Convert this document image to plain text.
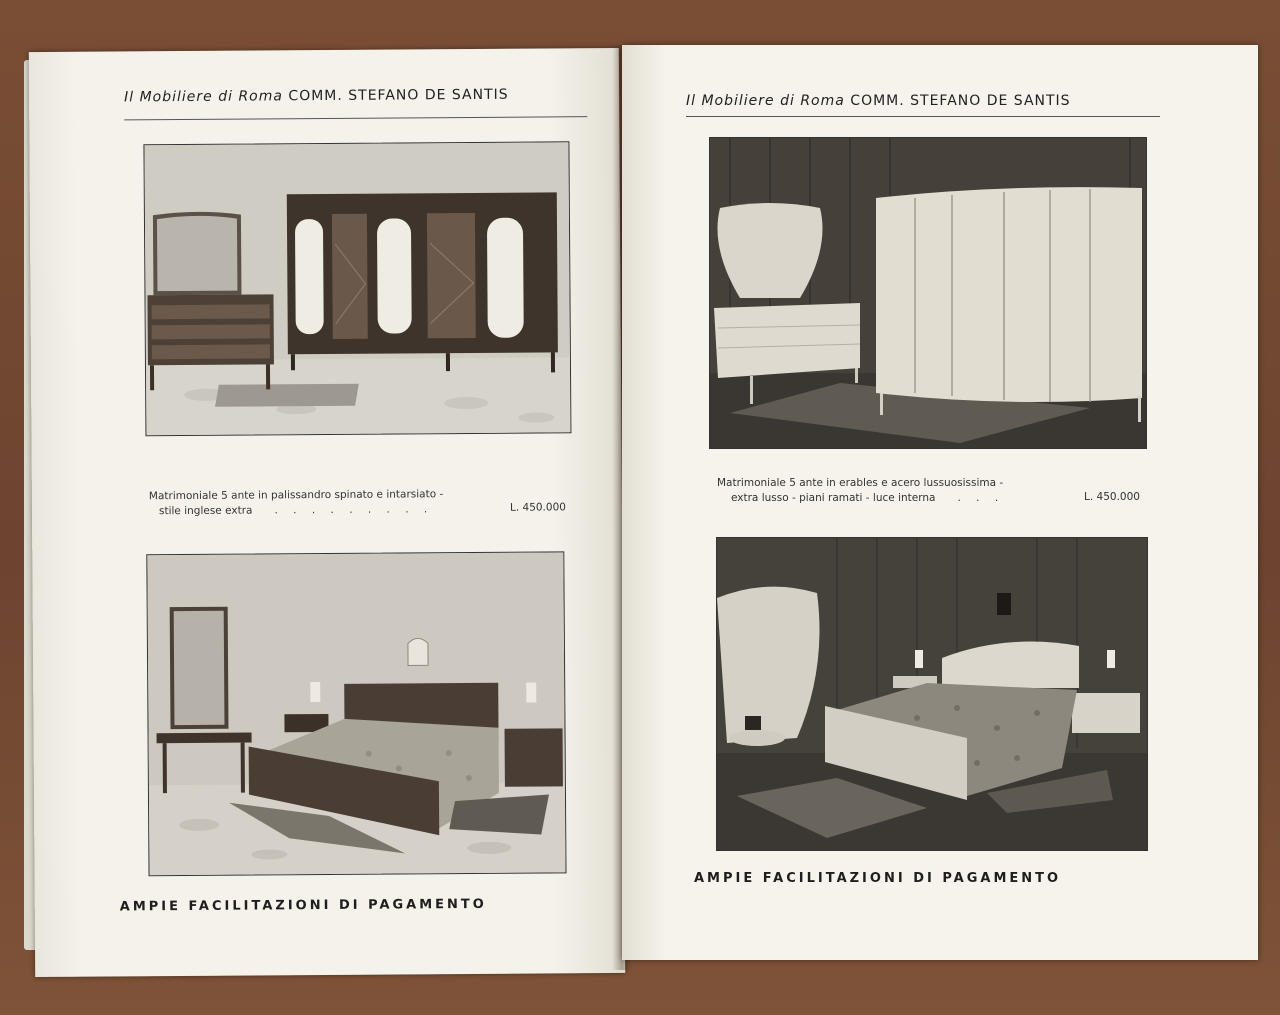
Il Mobiliere di Roma COMM. STEFANO DE SANTIS
Matrimoniale 5 ante in palissandro spinato e intarsiato -
stile inglese extra   . . . . . . . . .	L. 450.000
AMPIE FACILITAZIONI DI PAGAMENTO
Il Mobiliere di Roma COMM. STEFANO DE SANTIS
Matrimoniale 5 ante in erables e acero lussuosissima -
extra lusso - piani ramati - luce interna   . . .	L. 450.000
AMPIE FACILITAZIONI DI PAGAMENTO
